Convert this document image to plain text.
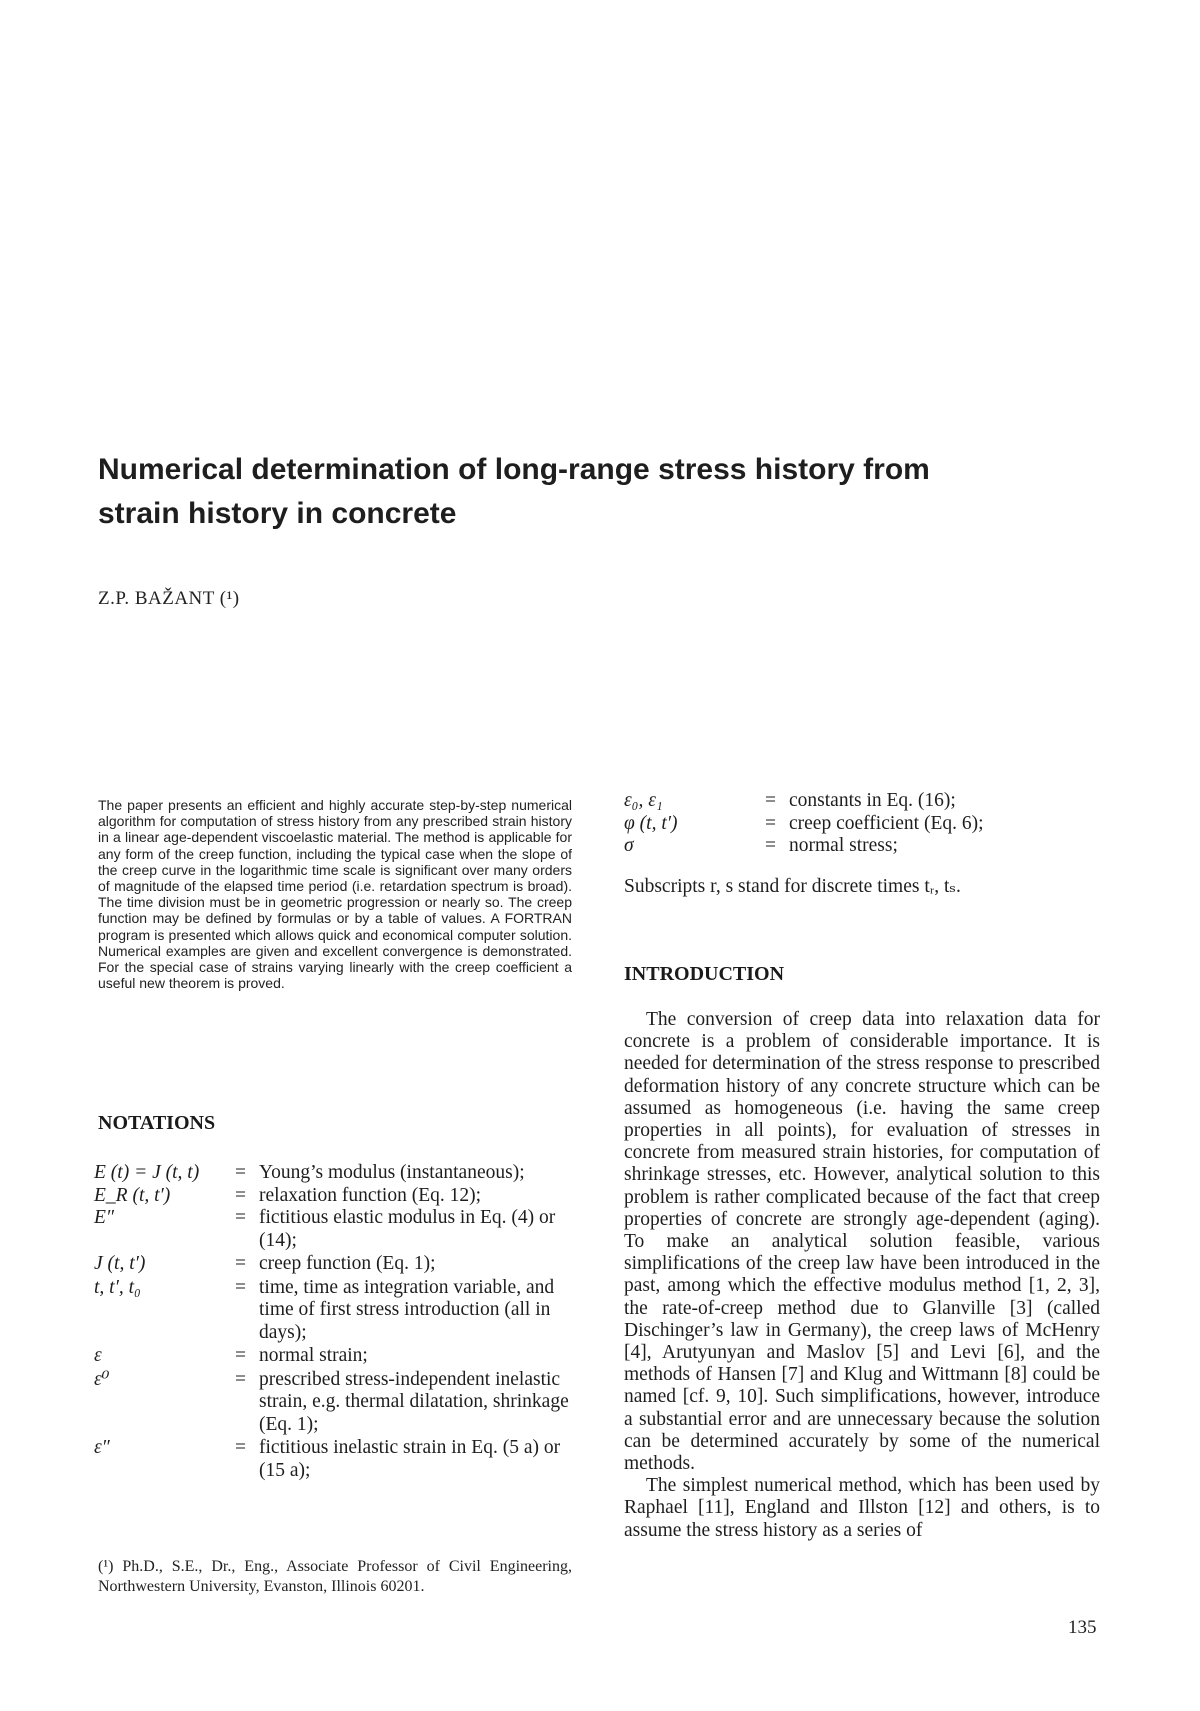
Numerical determination of long-range stress history from strain history in concrete
Z.P. BAŽANT (¹)

The paper presents an efficient and highly accurate step-by-step numerical algorithm for computation of stress history from any prescribed strain history in a linear age-dependent viscoelastic material. The method is applicable for any form of the creep function, including the typical case when the slope of the creep curve in the logarithmic time scale is significant over many orders of magnitude of the elapsed time period (i.e. retardation spectrum is broad). The time division must be in geometric progression or nearly so. The creep function may be defined by formulas or by a table of values. A FORTRAN program is presented which allows quick and economical computer solution. Numerical examples are given and excellent convergence is demonstrated. For the special case of strains varying linearly with the creep coefficient a useful new theorem is proved.

NOTATIONS
E (t) = J (t, t)	=	Young’s modulus (instantaneous);
E_R (t, t′)	=	relaxation function (Eq. 12);
E″	=	fictitious elastic modulus in Eq. (4) or (14);
J (t, t′)	=	creep function (Eq. 1);
t, t′, t₀	=	time, time as integration variable, and time of first stress introduction (all in days);
ε	=	normal strain;
ε⁰	=	prescribed stress-independent inelastic strain, e.g. thermal dilatation, shrinkage (Eq. 1);
ε″	=	fictitious inelastic strain in Eq. (5 a) or (15 a);
ε₀, ε₁	=	constants in Eq. (16);
φ (t, t′)	=	creep coefficient (Eq. 6);
σ	=	normal stress;
Subscripts r, s stand for discrete times tᵣ, tₛ.
INTRODUCTION

The conversion of creep data into relaxation data for concrete is a problem of considerable importance. It is needed for determination of the stress response to prescribed deformation history of any concrete structure which can be assumed as homogeneous (i.e. having the same creep properties in all points), for evaluation of stresses in concrete from measured strain histories, for computation of shrinkage stresses, etc. However, analytical solution to this problem is rather complicated because of the fact that creep properties of concrete are strongly age-dependent (aging). To make an analytical solution feasible, various simplifications of the creep law have been introduced in the past, among which the effective modulus method [1, 2, 3], the rate-of-creep method due to Glanville [3] (called Dischinger’s law in Germany), the creep laws of McHenry [4], Arutyunyan and Maslov [5] and Levi [6], and the methods of Hansen [7] and Klug and Wittmann [8] could be named [cf. 9, 10]. Such simplifications, however, introduce a substantial error and are unnecessary because the solution can be determined accurately by some of the numerical methods.

The simplest numerical method, which has been used by Raphael [11], England and Illston [12] and others, is to assume the stress history as a series of

(¹) Ph.D., S.E., Dr., Eng., Associate Professor of Civil Engineering, Northwestern University, Evanston, Illinois 60201.

135
